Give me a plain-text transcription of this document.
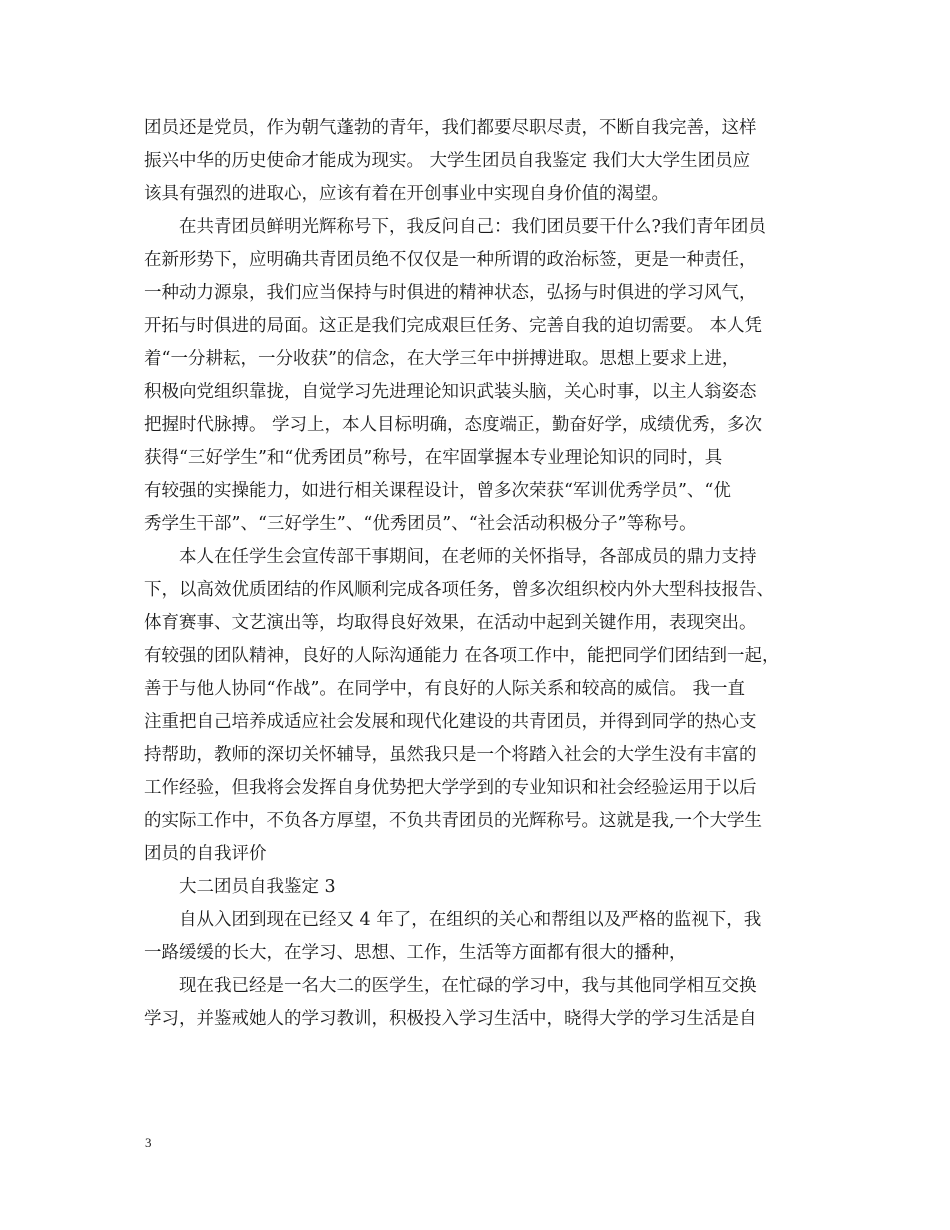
团员还是党员，作为朝气蓬勃的青年，我们都要尽职尽责，不断自我完善，这样
振兴中华的历史使命才能成为现实。 大学生团员自我鉴定 我们大大学生团员应
该具有强烈的进取心，应该有着在开创事业中实现自身价值的渴望。
在共青团员鲜明光辉称号下，我反问自己：我们团员要干什么?我们青年团员
在新形势下，应明确共青团员绝不仅仅是一种所谓的政治标签，更是一种责任，
一种动力源泉，我们应当保持与时俱进的精神状态，弘扬与时俱进的学习风气，
开拓与时俱进的局面。这正是我们完成艰巨任务、完善自我的迫切需要。 本人凭
着“一分耕耘，一分收获”的信念，在大学三年中拼搏进取。思想上要求上进，
积极向党组织靠拢，自觉学习先进理论知识武装头脑，关心时事，以主人翁姿态
把握时代脉搏。 学习上，本人目标明确，态度端正，勤奋好学，成绩优秀，多次
获得“三好学生”和“优秀团员”称号，在牢固掌握本专业理论知识的同时，具
有较强的实操能力，如进行相关课程设计，曾多次荣获“军训优秀学员”、“优
秀学生干部”、“三好学生”、“优秀团员”、“社会活动积极分子”等称号。
本人在任学生会宣传部干事期间，在老师的关怀指导，各部成员的鼎力支持
下，以高效优质团结的作风顺利完成各项任务，曾多次组织校内外大型科技报告、
体育赛事、文艺演出等，均取得良好效果，在活动中起到关键作用，表现突出。
有较强的团队精神，良好的人际沟通能力 在各项工作中，能把同学们团结到一起，
善于与他人协同“作战”。在同学中，有良好的人际关系和较高的威信。 我一直
注重把自己培养成适应社会发展和现代化建设的共青团员，并得到同学的热心支
持帮助，教师的深切关怀辅导，虽然我只是一个将踏入社会的大学生没有丰富的
工作经验，但我将会发挥自身优势把大学学到的专业知识和社会经验运用于以后
的实际工作中，不负各方厚望，不负共青团员的光辉称号。这就是我,一个大学生
团员的自我评价
大二团员自我鉴定 3
自从入团到现在已经又 4 年了，在组织的关心和帮组以及严格的监视下，我
一路缓缓的长大，在学习、思想、工作，生活等方面都有很大的播种，
现在我已经是一名大二的医学生，在忙碌的学习中，我与其他同学相互交换
学习，并鉴戒她人的学习教训，积极投入学习生活中，晓得大学的学习生活是自
3
